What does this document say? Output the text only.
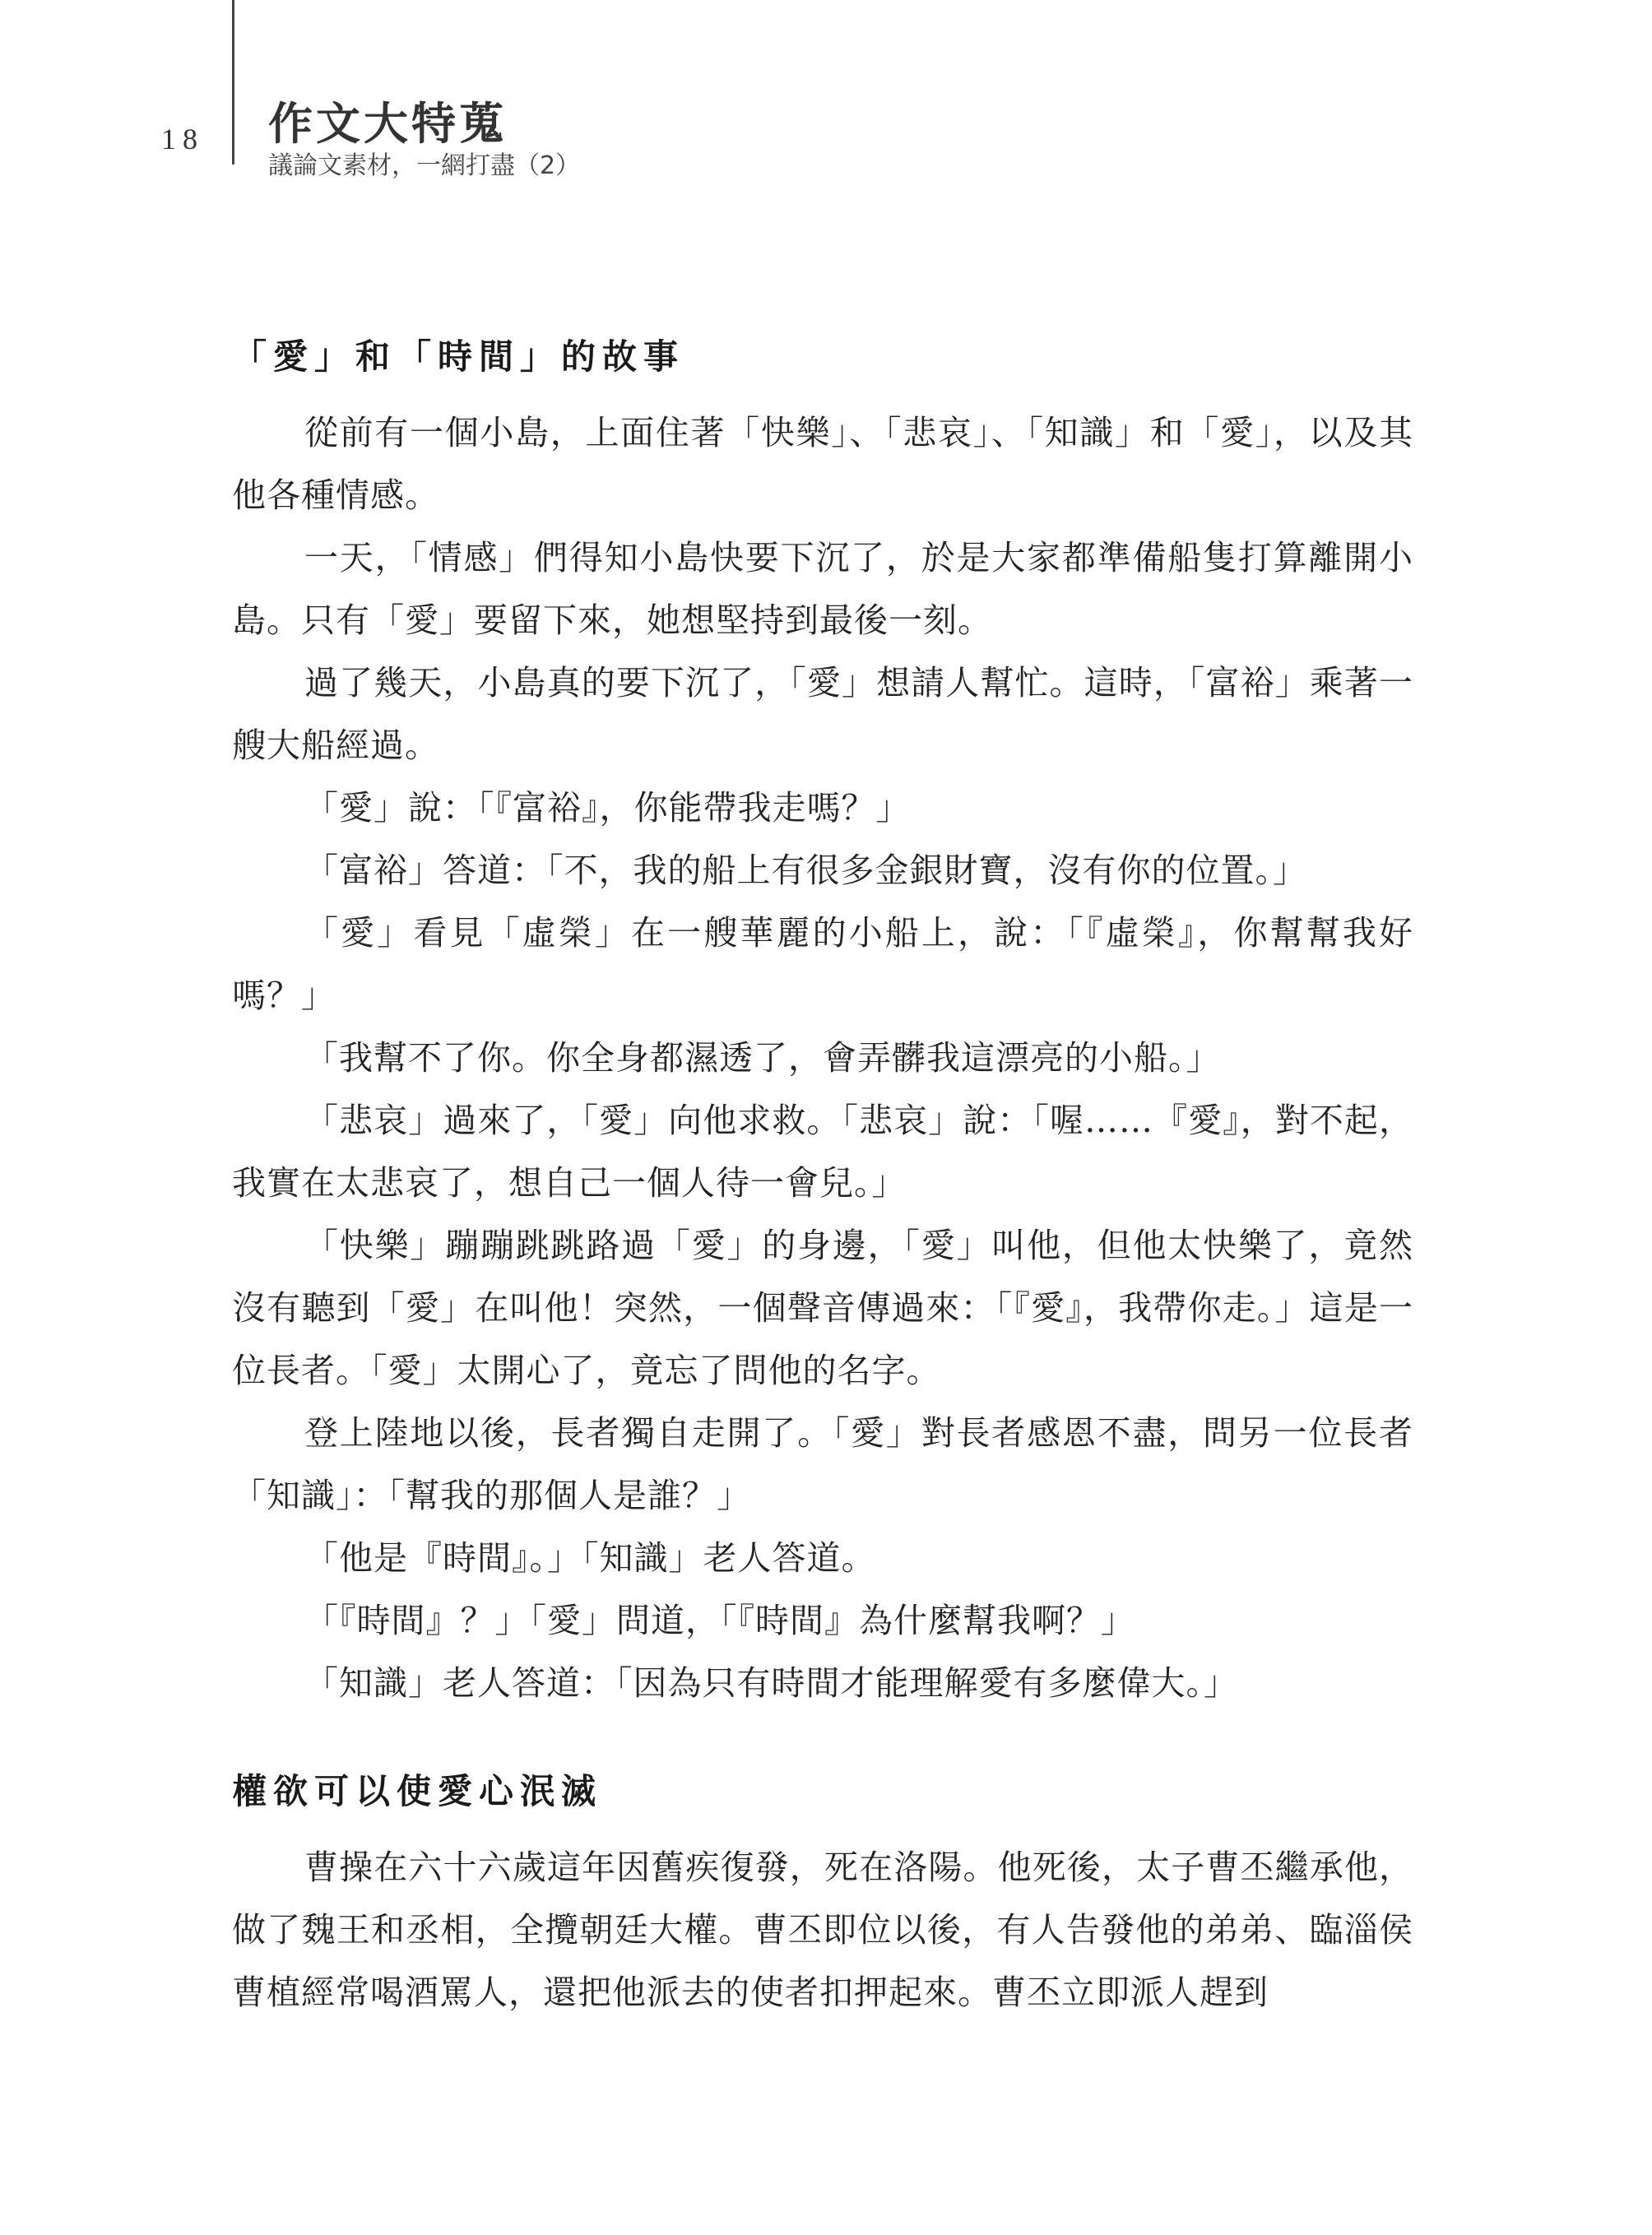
18 作文大特蒐
議論文素材，一網打盡（2）
「愛」和「時間」的故事

從前有一個小島，上面住著「快樂」、「悲哀」、「知識」和「愛」，以及其他各種情感。

一天，「情感」們得知小島快要下沉了，於是大家都準備船隻打算離開小島。只有「愛」要留下來，她想堅持到最後一刻。

過了幾天，小島真的要下沉了，「愛」想請人幫忙。這時，「富裕」乘著一艘大船經過。

「愛」說：「『富裕』，你能帶我走嗎？」

「富裕」答道：「不，我的船上有很多金銀財寶，沒有你的位置。」

「愛」看見「虛榮」在一艘華麗的小船上，說：「『虛榮』，你幫幫我好嗎？」

「我幫不了你。你全身都濕透了，會弄髒我這漂亮的小船。」

「悲哀」過來了，「愛」向他求救。「悲哀」說：「喔……『愛』，對不起，我實在太悲哀了，想自己一個人待一會兒。」

「快樂」蹦蹦跳跳路過「愛」的身邊，「愛」叫他，但他太快樂了，竟然沒有聽到「愛」在叫他！突然，一個聲音傳過來：「『愛』，我帶你走。」這是一位長者。「愛」太開心了，竟忘了問他的名字。

登上陸地以後，長者獨自走開了。「愛」對長者感恩不盡，問另一位長者「知識」：「幫我的那個人是誰？」

「他是『時間』。」「知識」老人答道。

「『時間』？」「愛」問道，「『時間』為什麼幫我啊？」

「知識」老人答道：「因為只有時間才能理解愛有多麼偉大。」

權欲可以使愛心泯滅

曹操在六十六歲這年因舊疾復發，死在洛陽。他死後，太子曹丕繼承他，做了魏王和丞相，全攬朝廷大權。曹丕即位以後，有人告發他的弟弟、臨淄侯曹植經常喝酒罵人，還把他派去的使者扣押起來。曹丕立即派人趕到
